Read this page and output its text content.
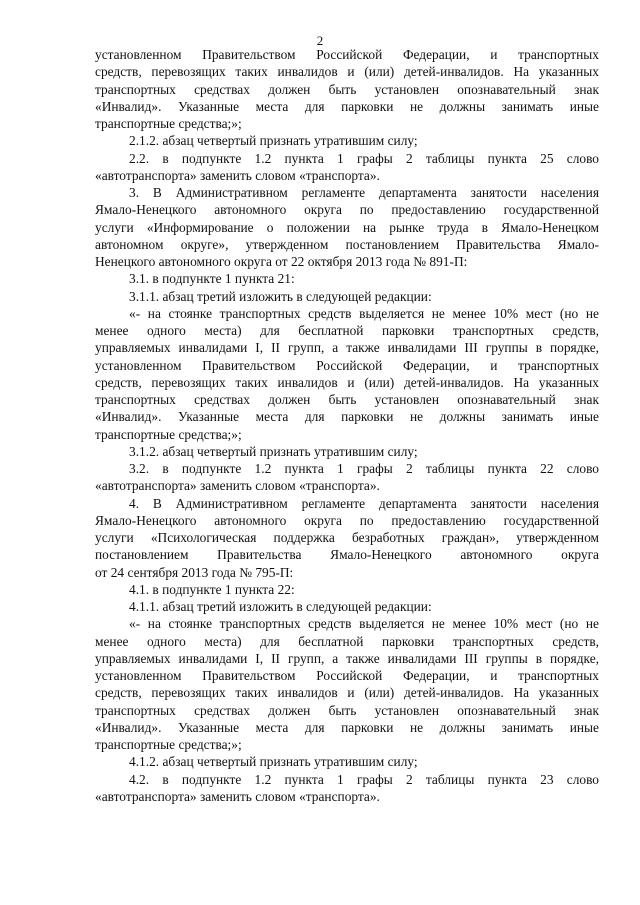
2
установленном Правительством Российской Федерации, и транспортных
средств, перевозящих таких инвалидов и (или) детей-инвалидов. На указанных
транспортных средствах должен быть установлен опознавательный знак
«Инвалид». Указанные места для парковки не должны занимать иные
транспортные средства;»;
2.1.2. абзац четвертый признать утратившим силу;
2.2. в подпункте 1.2 пункта 1 графы 2 таблицы пункта 25 слово
«автотранспорта» заменить словом «транспорта».
3. В Административном регламенте департамента занятости населения
Ямало-Ненецкого автономного округа по предоставлению государственной
услуги «Информирование о положении на рынке труда в Ямало-Ненецком
автономном округе», утвержденном постановлением Правительства Ямало-
Ненецкого автономного округа от 22 октября 2013 года № 891-П:
3.1. в подпункте 1 пункта 21:
3.1.1. абзац третий изложить в следующей редакции:
«- на стоянке транспортных средств выделяется не менее 10% мест (но не
менее одного места) для бесплатной парковки транспортных средств,
управляемых инвалидами I, II групп, а также инвалидами III группы в порядке,
установленном Правительством Российской Федерации, и транспортных
средств, перевозящих таких инвалидов и (или) детей-инвалидов. На указанных
транспортных средствах должен быть установлен опознавательный знак
«Инвалид». Указанные места для парковки не должны занимать иные
транспортные средства;»;
3.1.2. абзац четвертый признать утратившим силу;
3.2. в подпункте 1.2 пункта 1 графы 2 таблицы пункта 22 слово
«автотранспорта» заменить словом «транспорта».
4. В Административном регламенте департамента занятости населения
Ямало-Ненецкого автономного округа по предоставлению государственной
услуги «Психологическая поддержка безработных граждан», утвержденном
постановлением Правительства Ямало-Ненецкого автономного округа
от 24 сентября 2013 года № 795-П:
4.1. в подпункте 1 пункта 22:
4.1.1. абзац третий изложить в следующей редакции:
«- на стоянке транспортных средств выделяется не менее 10% мест (но не
менее одного места) для бесплатной парковки транспортных средств,
управляемых инвалидами I, II групп, а также инвалидами III группы в порядке,
установленном Правительством Российской Федерации, и транспортных
средств, перевозящих таких инвалидов и (или) детей-инвалидов. На указанных
транспортных средствах должен быть установлен опознавательный знак
«Инвалид». Указанные места для парковки не должны занимать иные
транспортные средства;»;
4.1.2. абзац четвертый признать утратившим силу;
4.2. в подпункте 1.2 пункта 1 графы 2 таблицы пункта 23 слово
«автотранспорта» заменить словом «транспорта».
